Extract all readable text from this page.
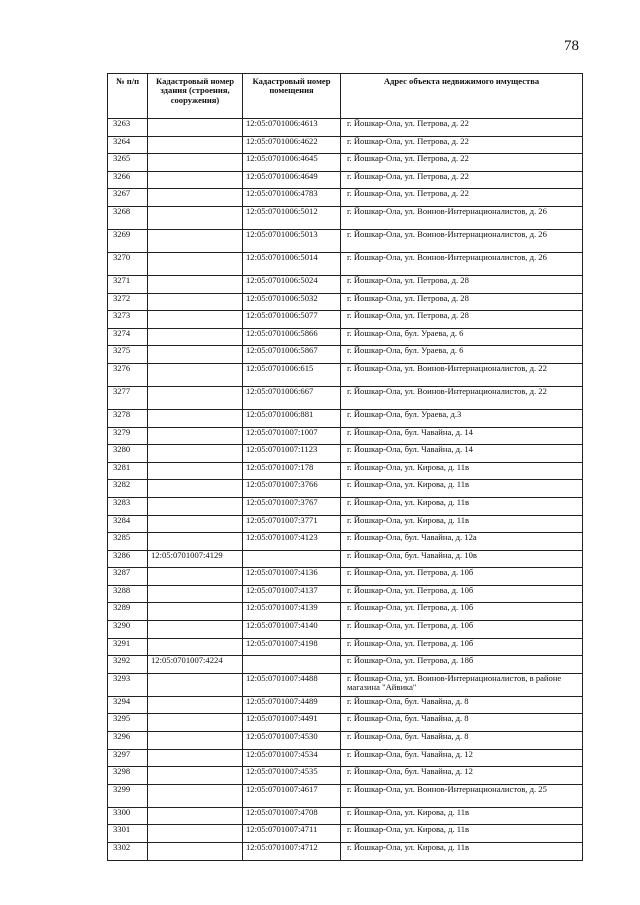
78
№ п/п	Кадастровый номер здания (строения, сооружения)	Кадастровый номер помещения	Адрес объекта недвижимого имущества
3263		12:05:0701006:4613	г. Йошкар-Ола, ул. Петрова, д. 22
3264		12:05:0701006:4622	г. Йошкар-Ола, ул. Петрова, д. 22
3265		12:05:0701006:4645	г. Йошкар-Ола, ул. Петрова, д. 22
3266		12:05:0701006:4649	г. Йошкар-Ола, ул. Петрова, д. 22
3267		12:05:0701006:4783	г. Йошкар-Ола, ул. Петрова, д. 22
3268		12:05:0701006:5012	г. Йошкар-Ола, ул. Воинов-Интернационалистов, д. 26
3269		12:05:0701006:5013	г. Йошкар-Ола, ул. Воинов-Интернационалистов, д. 26
3270		12:05:0701006:5014	г. Йошкар-Ола, ул. Воинов-Интернационалистов, д. 26
3271		12:05:0701006:5024	г. Йошкар-Ола, ул. Петрова, д. 28
3272		12:05:0701006:5032	г. Йошкар-Ола, ул. Петрова, д. 28
3273		12:05:0701006:5077	г. Йошкар-Ола, ул. Петрова, д. 28
3274		12:05:0701006:5866	г. Йошкар-Ола, бул. Ураева, д. 6
3275		12:05:0701006:5867	г. Йошкар-Ола, бул. Ураева, д. 6
3276		12:05:0701006:615	г. Йошкар-Ола, ул. Воинов-Интернационалистов, д. 22
3277		12:05:0701006:667	г. Йошкар-Ола, ул. Воинов-Интернационалистов, д. 22
3278		12:05:0701006:881	г. Йошкар-Ола, бул. Ураева, д.3
3279		12:05:0701007:1007	г. Йошкар-Ола, бул. Чавайна, д. 14
3280		12:05:0701007:1123	г. Йошкар-Ола, бул. Чавайна, д. 14
3281		12:05:0701007:178	г. Йошкар-Ола, ул. Кирова, д. 11в
3282		12:05:0701007:3766	г. Йошкар-Ола, ул. Кирова, д. 11в
3283		12:05:0701007:3767	г. Йошкар-Ола, ул. Кирова, д. 11в
3284		12:05:0701007:3771	г. Йошкар-Ола, ул. Кирова, д. 11в
3285		12:05:0701007:4123	г. Йошкар-Ола, бул. Чавайна, д. 12а
3286	12:05:0701007:4129		г. Йошкар-Ола, бул. Чавайна, д. 10в
3287		12:05:0701007:4136	г. Йошкар-Ола, ул. Петрова, д. 10б
3288		12:05:0701007:4137	г. Йошкар-Ола, ул. Петрова, д. 10б
3289		12:05:0701007:4139	г. Йошкар-Ола, ул. Петрова, д. 10б
3290		12:05:0701007:4140	г. Йошкар-Ола, ул. Петрова, д. 10б
3291		12:05:0701007:4198	г. Йошкар-Ола, ул. Петрова, д. 10б
3292	12:05:0701007:4224		г. Йошкар-Ола, ул. Петрова, д. 18б
3293		12:05:0701007:4488	г. Йошкар-Ола, ул. Воинов-Интернационалистов, в районе магазина "Айвика"
3294		12:05:0701007:4489	г. Йошкар-Ола, бул. Чавайна, д. 8
3295		12:05:0701007:4491	г. Йошкар-Ола, бул. Чавайна, д. 8
3296		12:05:0701007:4530	г. Йошкар-Ола, бул. Чавайна, д. 8
3297		12:05:0701007:4534	г. Йошкар-Ола, бул. Чавайна, д. 12
3298		12:05:0701007:4535	г. Йошкар-Ола, бул. Чавайна, д. 12
3299		12:05:0701007:4617	г. Йошкар-Ола, ул. Воинов-Интернационалистов, д. 25
3300		12:05:0701007:4708	г. Йошкар-Ола, ул. Кирова, д. 11в
3301		12:05:0701007:4711	г. Йошкар-Ола, ул. Кирова, д. 11в
3302		12:05:0701007:4712	г. Йошкар-Ола, ул. Кирова, д. 11в
